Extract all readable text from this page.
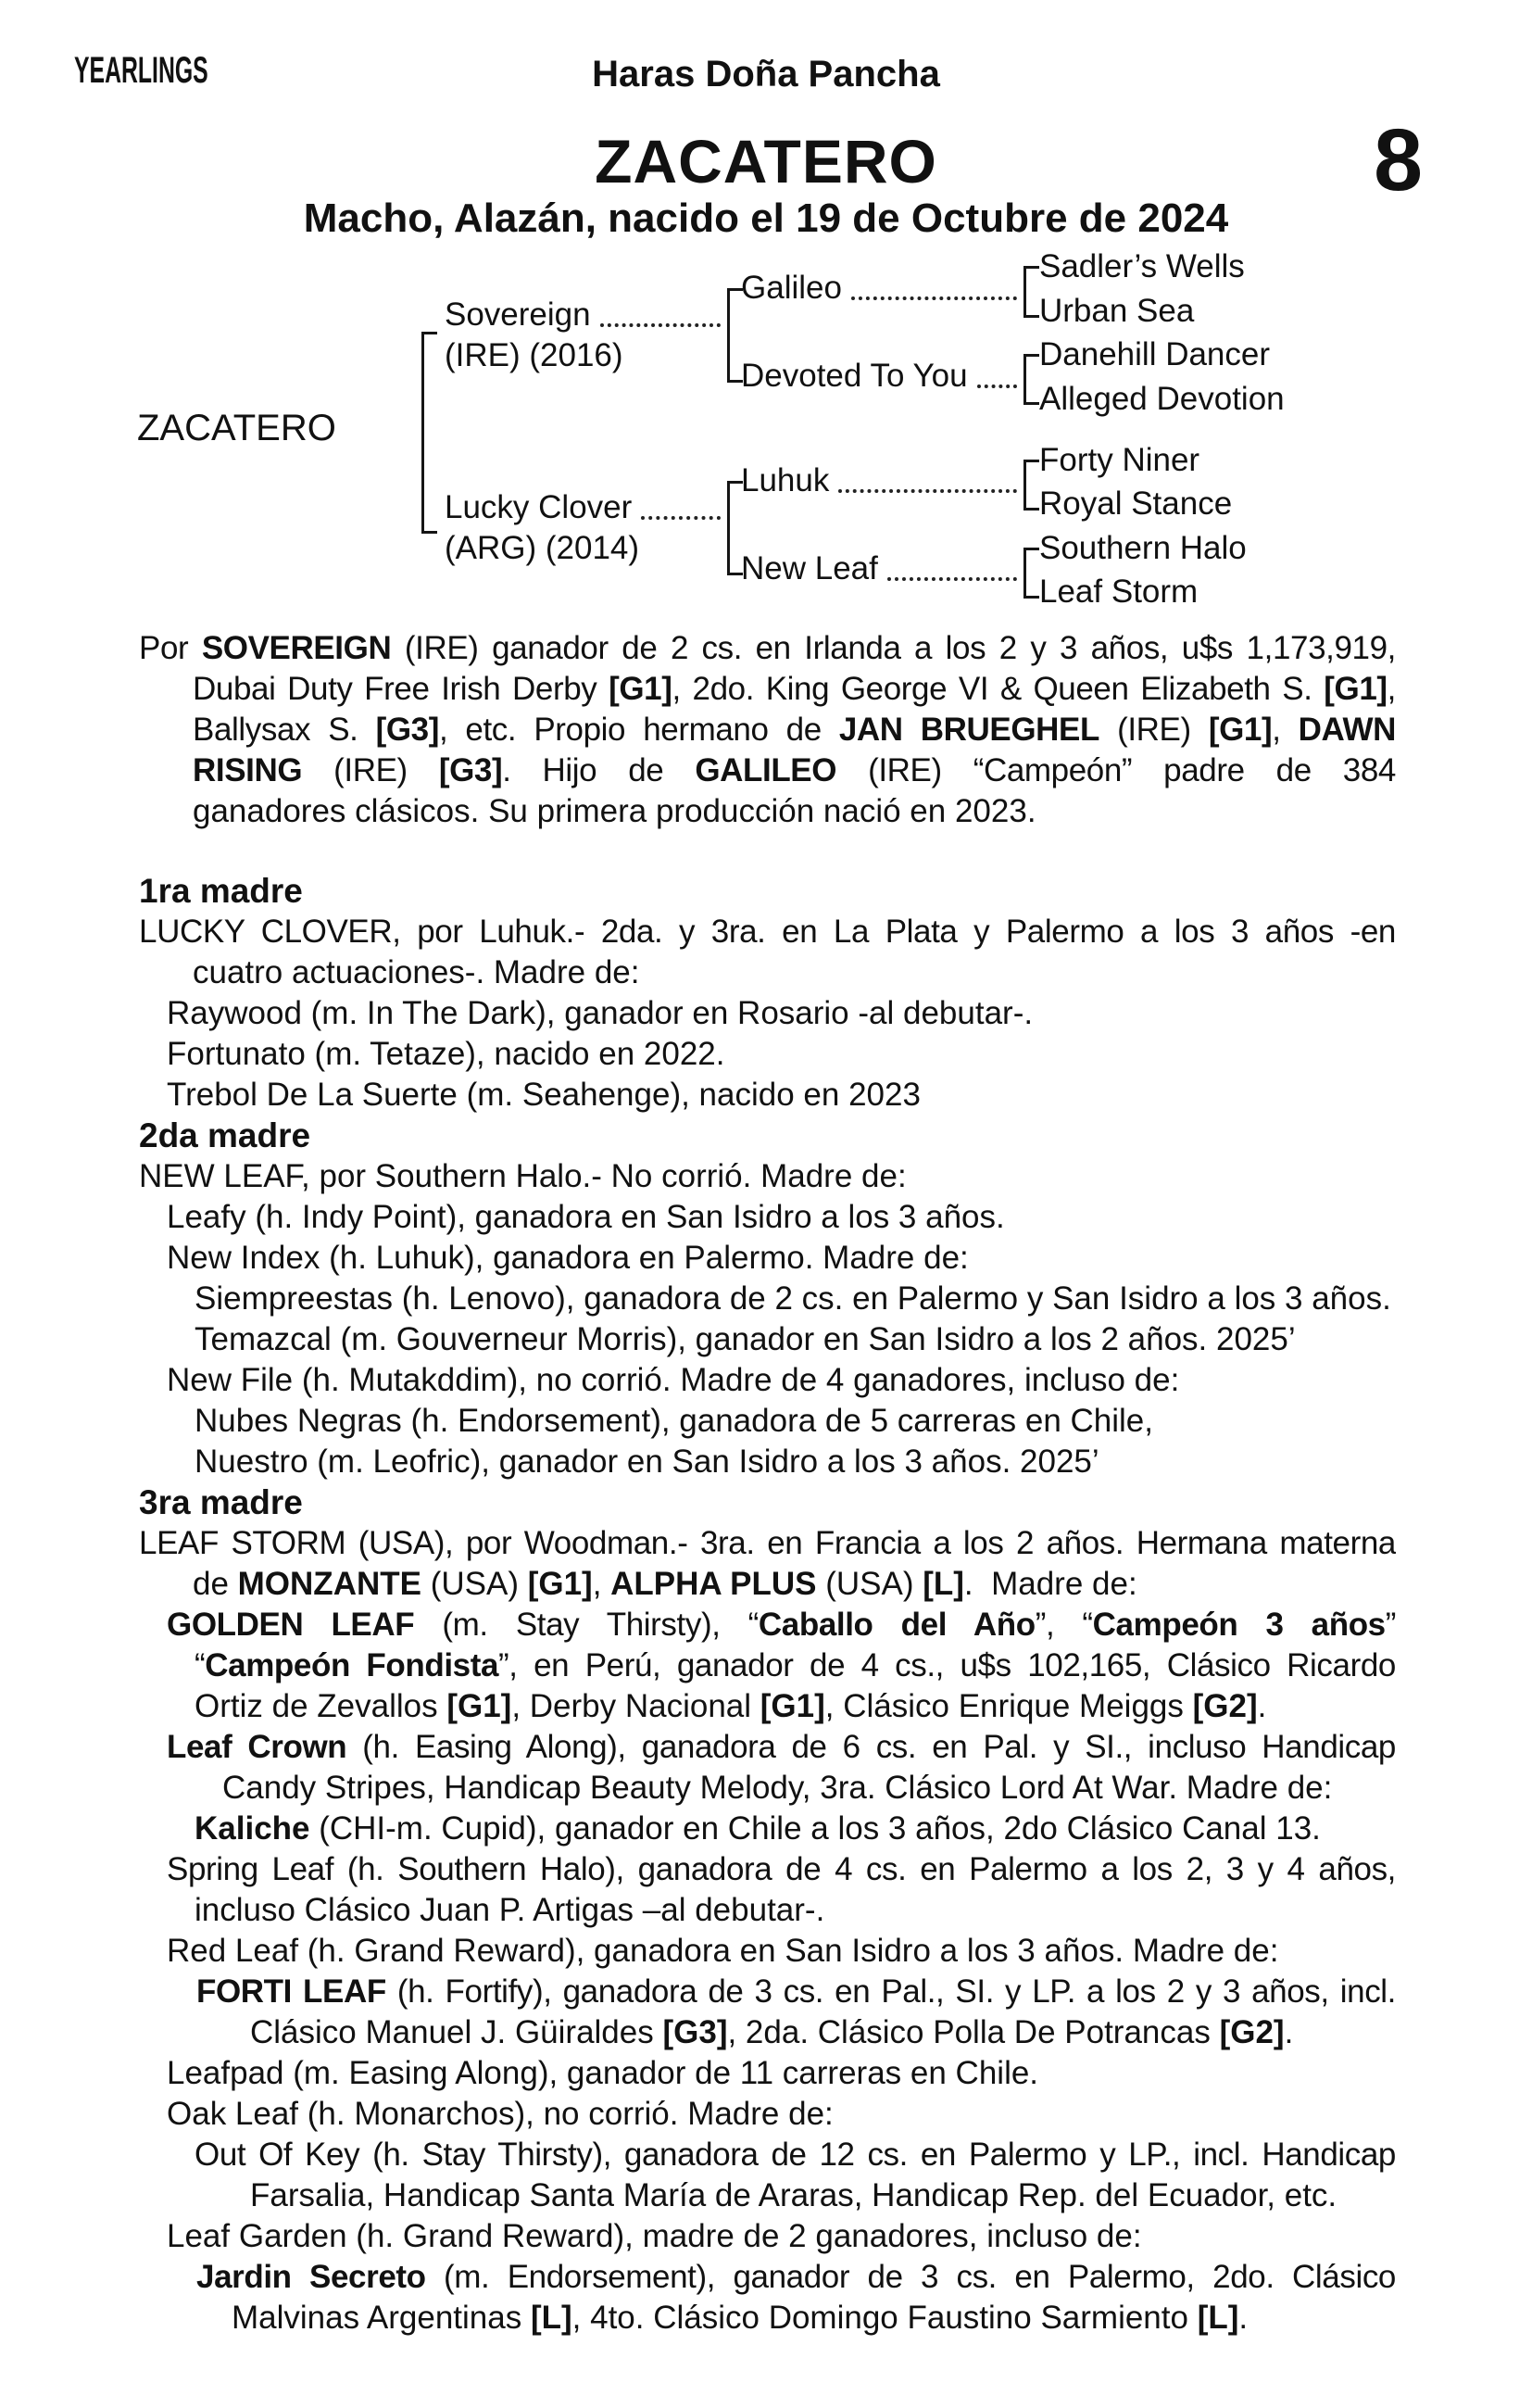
YEARLINGS	Haras Doña Pancha
ZACATERO	8
Macho, Alazán, nacido el 19 de Octubre de 2024
ZACATERO
Sovereign
(IRE) (2016)
Lucky Clover
(ARG) (2014)
Galileo
Devoted To You
Luhuk
New Leaf
Sadler’s Wells
Urban Sea
Danehill Dancer
Alleged Devotion
Forty Niner
Royal Stance
Southern Halo
Leaf Storm
Por SOVEREIGN (IRE) ganador de 2 cs. en Irlanda a los 2 y 3 años, u$s 1,173,919,
Dubai Duty Free Irish Derby [G1], 2do. King George VI & Queen Elizabeth S. [G1],
Ballysax S. [G3], etc. Propio hermano de JAN BRUEGHEL (IRE) [G1], DAWN
RISING (IRE) [G3]. Hijo de GALILEO (IRE) “Campeón” padre de 384
ganadores clásicos. Su primera producción nació en 2023.
1ra madre
LUCKY CLOVER, por Luhuk.- 2da. y 3ra. en La Plata y Palermo a los 3 años -en
cuatro actuaciones-. Madre de:
Raywood (m. In The Dark), ganador en Rosario -al debutar-.
Fortunato (m. Tetaze), nacido en 2022.
Trebol De La Suerte (m. Seahenge), nacido en 2023
2da madre
NEW LEAF, por Southern Halo.- No corrió. Madre de:
Leafy (h. Indy Point), ganadora en San Isidro a los 3 años.
New Index (h. Luhuk), ganadora en Palermo. Madre de:
Siempreestas (h. Lenovo), ganadora de 2 cs. en Palermo y San Isidro a los 3 años.
Temazcal (m. Gouverneur Morris), ganador en San Isidro a los 2 años. 2025’
New File (h. Mutakddim), no corrió. Madre de 4 ganadores, incluso de:
Nubes Negras (h. Endorsement), ganadora de 5 carreras en Chile,
Nuestro (m. Leofric), ganador en San Isidro a los 3 años. 2025’
3ra madre
LEAF STORM (USA), por Woodman.- 3ra. en Francia a los 2 años. Hermana materna
de MONZANTE (USA) [G1], ALPHA PLUS (USA) [L].  Madre de:
GOLDEN LEAF (m. Stay Thirsty), “Caballo del Año”, “Campeón 3 años”
“Campeón Fondista”, en Perú, ganador de 4 cs., u$s 102,165, Clásico Ricardo
Ortiz de Zevallos [G1], Derby Nacional [G1], Clásico Enrique Meiggs [G2].
Leaf Crown (h. Easing Along), ganadora de 6 cs. en Pal. y SI., incluso Handicap
Candy Stripes, Handicap Beauty Melody, 3ra. Clásico Lord At War. Madre de:
Kaliche (CHI-m. Cupid), ganador en Chile a los 3 años, 2do Clásico Canal 13.
Spring Leaf (h. Southern Halo), ganadora de 4 cs. en Palermo a los 2, 3 y 4 años,
incluso Clásico Juan P. Artigas –al debutar-.
Red Leaf (h. Grand Reward), ganadora en San Isidro a los 3 años. Madre de:
FORTI LEAF (h. Fortify), ganadora de 3 cs. en Pal., SI. y LP. a los 2 y 3 años, incl.
Clásico Manuel J. Güiraldes [G3], 2da. Clásico Polla De Potrancas [G2].
Leafpad (m. Easing Along), ganador de 11 carreras en Chile.
Oak Leaf (h. Monarchos), no corrió. Madre de:
Out Of Key (h. Stay Thirsty), ganadora de 12 cs. en Palermo y LP., incl. Handicap
Farsalia, Handicap Santa María de Araras, Handicap Rep. del Ecuador, etc.
Leaf Garden (h. Grand Reward), madre de 2 ganadores, incluso de:
Jardin Secreto (m. Endorsement), ganador de 3 cs. en Palermo, 2do. Clásico
Malvinas Argentinas [L], 4to. Clásico Domingo Faustino Sarmiento [L].
